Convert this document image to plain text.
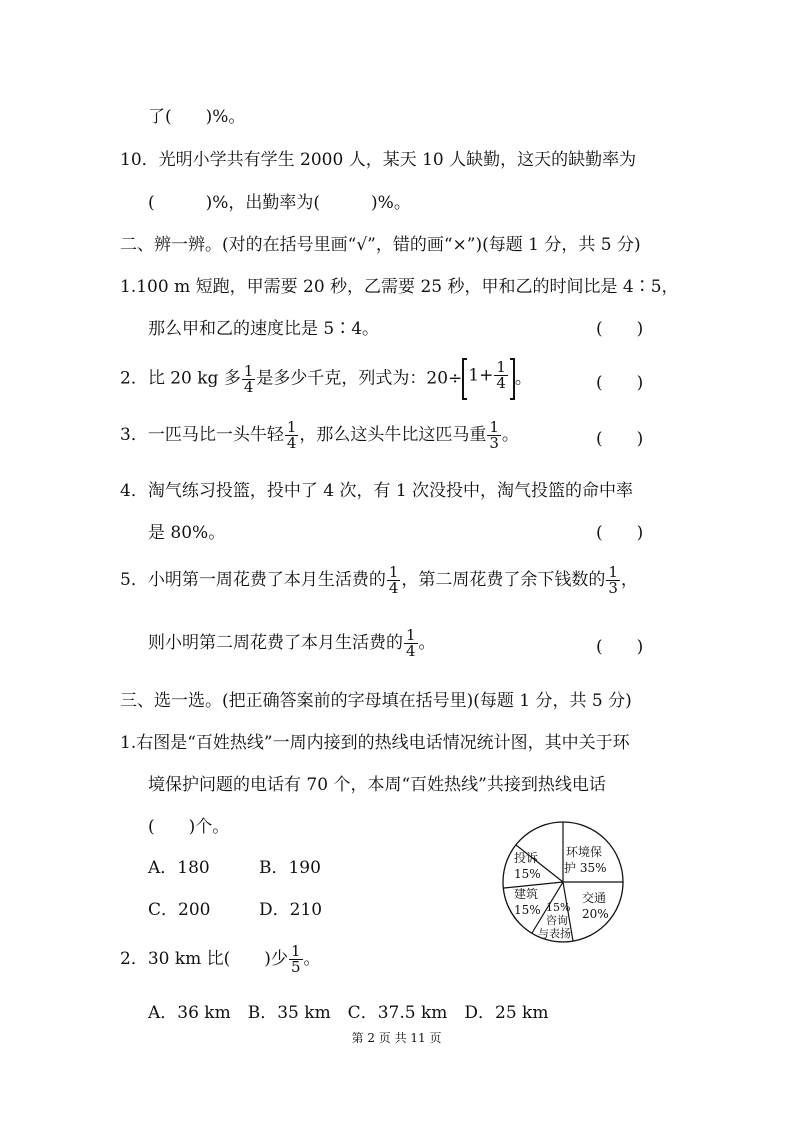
了(　　)%。
10．光明小学共有学生 2000 人，某天 10 人缺勤，这天的缺勤率为
(　　　)%，出勤率为(　　　)%。
二、辨一辨。(对的在括号里画“√”，错的画“×”)(每题 1 分，共 5 分)
1.100 m 短跑，甲需要 20 秒，乙需要 25 秒，甲和乙的时间比是 4∶5，
那么甲和乙的速度比是 5∶4。	(　　)
2．比 20 kg 多 $\frac{1}{4}$ 是多少千克，列式为：$20\div 1+ \frac{1}{4}$ 。	(　　)
3．一匹马比一头牛轻 $\frac{1}{4}$ ，那么这头牛比这匹马重 $\frac{1}{3}$ 。	(　　)
4．淘气练习投篮，投中了 4 次，有 1 次没投中，淘气投篮的命中率
是 80%。	(　　)
5．小明第一周花费了本月生活费的 $\frac{1}{4}$ ，第二周花费了余下钱数的 $\frac{1}{3}$ ，
则小明第二周花费了本月生活费的 $\frac{1}{4}$ 。	(　　)
三、选一选。(把正确答案前的字母填在括号里)(每题 1 分，共 5 分)
1.右图是“百姓热线”一周内接到的热线电话情况统计图，其中关于环
境保护问题的电话有 70 个，本周“百姓热线”共接到热线电话
(　　)个。
A．180	B．190
C．200	D．210
投诉
15%
环境保
护 35%
建筑
15%
交通
20%
15%
咨询
与表扬
2．30 km 比(　　)少 $\frac{1}{5}$ 。
A．36 km　B．35 km　C．37.5 km　D．25 km
第 2 页 共 11 页
